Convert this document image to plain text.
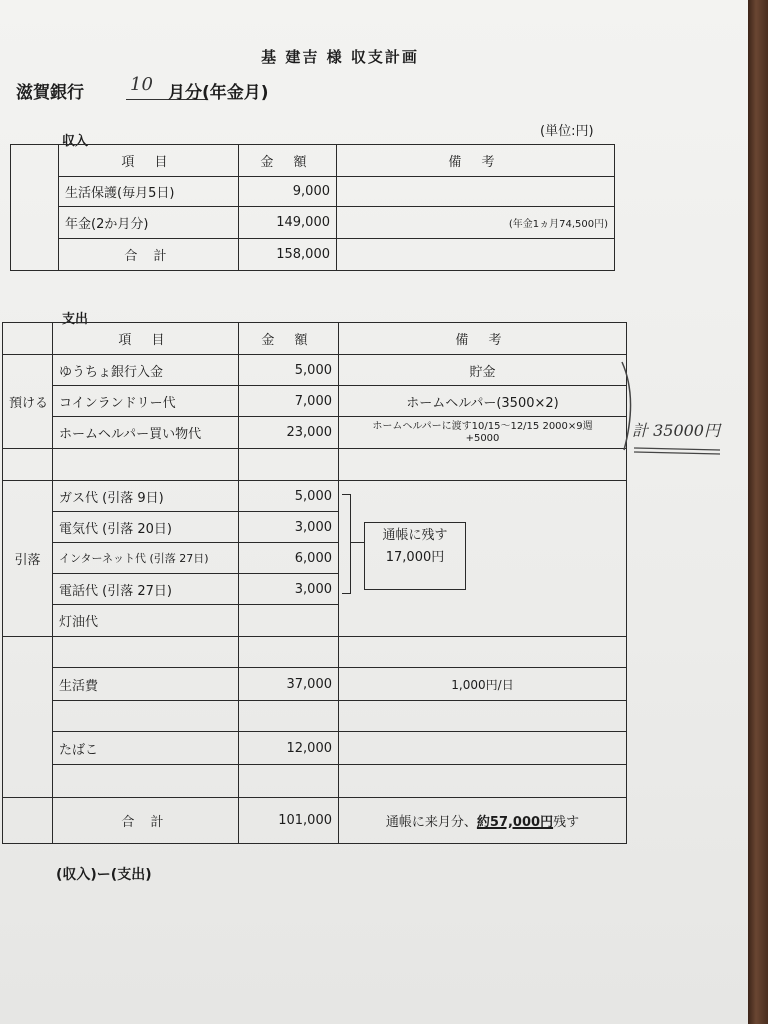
基 建吉 様 収支計画
滋賀銀行	10 月分(年金月)
収入
(単位:円)
	項 目	金 額	備 考
	生活保護(毎月5日)	9,000	
	年金(2か月分)	149,000	(年金1ヵ月74,500円)
	合 計	158,000	
支出
	項 目	金 額	備 考
預ける	ゆうちょ銀行入金	5,000	貯金
	コインランドリー代	7,000	ホームヘルパー(3500×2)
	ホームヘルパー買い物代	23,000	ホームヘルパーに渡す10/15〜12/15 2000×9週
+5000

引落	ガス代 (引落 9日)	5,000	
	電気代 (引落 20日)	3,000	
	インターネット代 (引落 27日)	6,000	
	電話代 (引落 27日)	3,000	
	灯油代		

	生活費	37,000	1,000円/日

	たばこ	12,000	

	合 計	101,000	通帳に来月分、約57,000円残す
通帳に残す
17,000円
計 35000円
(収入)ー(支出)
